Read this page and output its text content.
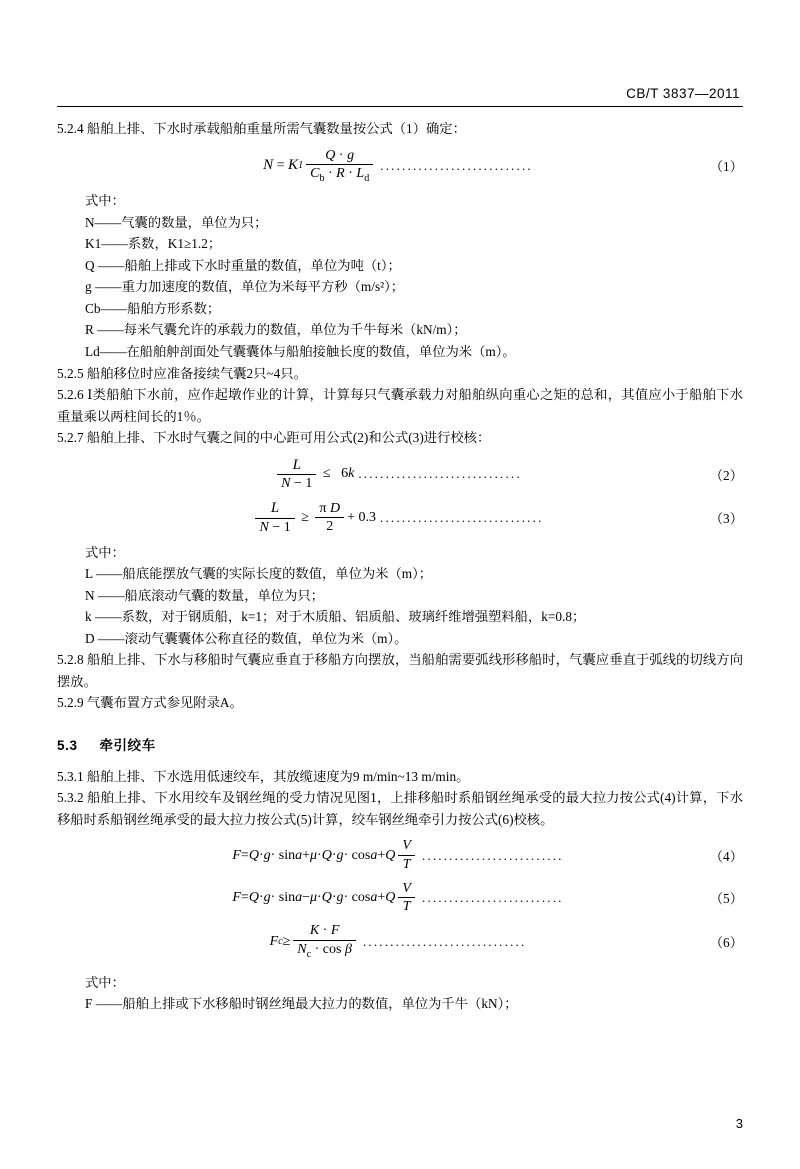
CB/T 3837—2011

5.2.4 船舶上排、下水时承载船舶重量所需气囊数量按公式（1）确定：

N = K $1 \frac{Q \cdot g}{C_b \cdot R \cdot L_d}$ ............................	（1）

式中：

N——气囊的数量，单位为只；
K1——系数，K1≥1.2；
Q ——船舶上排或下水时重量的数值，单位为吨（t）；
g ——重力加速度的数值，单位为米每平方秒（m/s²）；
Cb——船舶方形系数；
R ——每米气囊允许的承载力的数值，单位为千牛每米（kN/m）；
Ld——在船舶舯剖面处气囊囊体与船舶接触长度的数值，单位为米（m）。

5.2.5 船舶移位时应准备接续气囊2只~4只。

5.2.6 Ⅰ类船舶下水前，应作起墩作业的计算，计算每只气囊承载力对船舶纵向重心之矩的总和，其值应小于船舶下水重量乘以两柱间长的1％。

5.2.7 船舶上排、下水时气囊之间的中心距可用公式(2)和公式(3)进行校核：

$\frac{L}{N - 1} \le 6$ k ..............................	（2）
$\frac{L}{N - 1} \ge \frac{\text{π D}}{2} + 0.3$ ..............................	（3）

式中：

L ——船底能摆放气囊的实际长度的数值，单位为米（m）；
N ——船底滚动气囊的数量，单位为只；
k ——系数，对于钢质船，k=1；对于木质船、铝质船、玻璃纤维增强塑料船，k=0.8；
D ——滚动气囊囊体公称直径的数值，单位为米（m）。

5.2.8 船舶上排、下水与移船时气囊应垂直于移船方向摆放，当船舶需要弧线形移船时，气囊应垂直于弧线的切线方向摆放。

5.2.9 气囊布置方式参见附录A。

5.3 牵引绞车

5.3.1 船舶上排、下水选用低速绞车，其放缆速度为9 m/min~13 m/min。

5.3.2 船舶上排、下水用绞车及钢丝绳的受力情况见图1，上排移船时系船钢丝绳承受的最大拉力按公式(4)计算，下水移船时系船钢丝绳承受的最大拉力按公式(5)计算，绞车钢丝绳牵引力按公式(6)校核。

F = Q · g · sin a + μ · Q · g · cos a + Q $\frac{V}{T}$ ..........................	（4）
F = Q · g · sin a − μ · Q · g · cos a + Q $\frac{V}{T}$ ..........................	（5）
F $c \ge \frac{K \cdot F}{N_c \cdot \cos \beta}$ ..............................	（6）

式中：

F ——船舶上排或下水移船时钢丝绳最大拉力的数值，单位为千牛（kN）；
3
